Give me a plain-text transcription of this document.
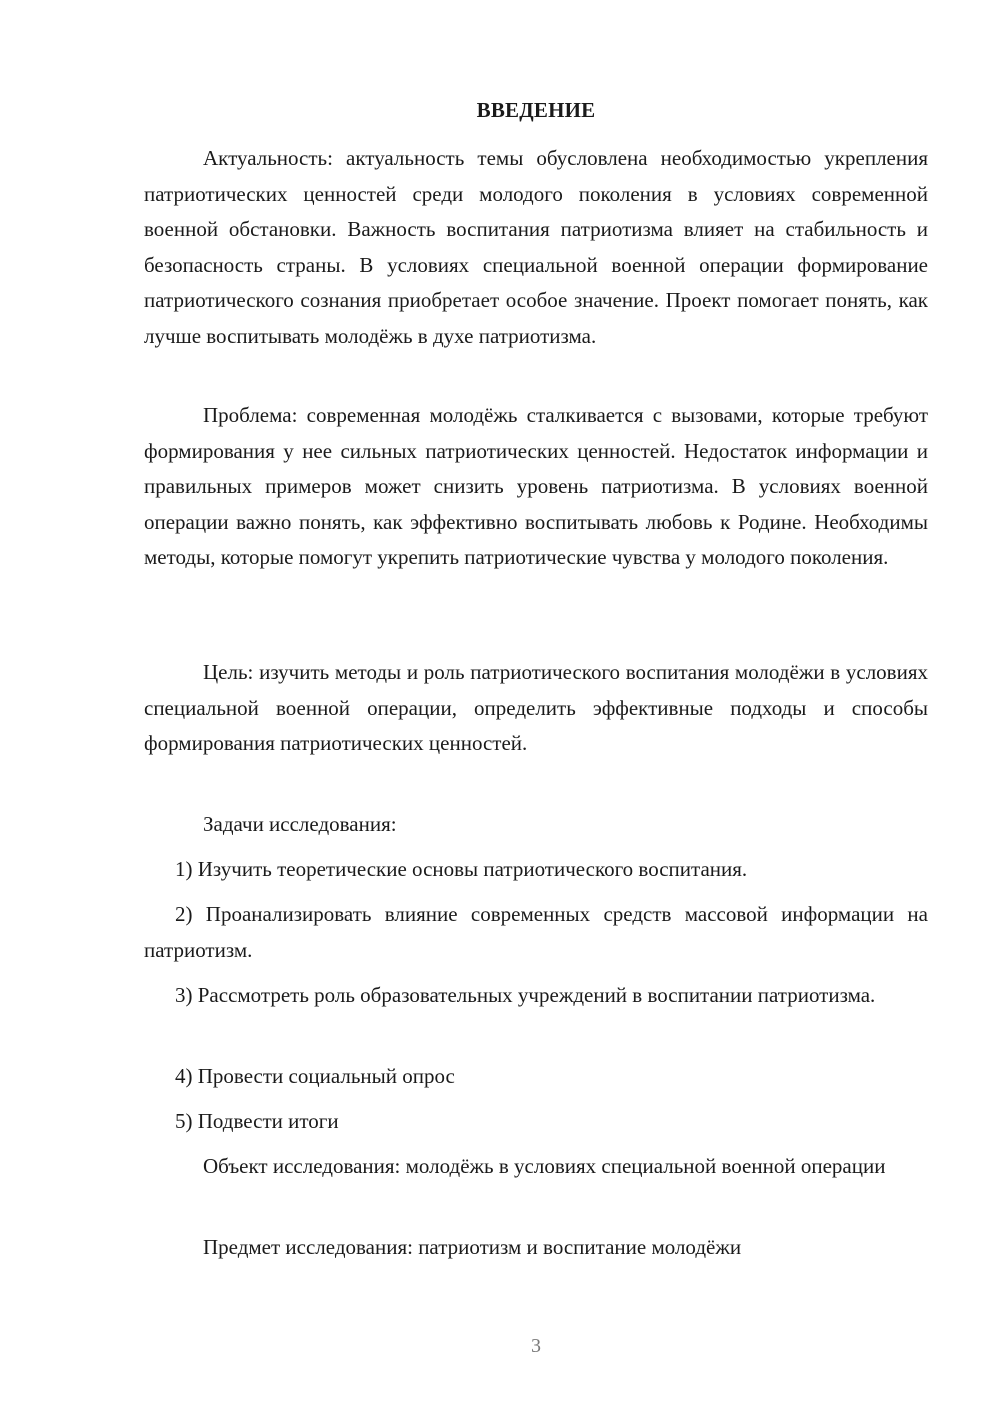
ВВЕДЕНИЕ

Актуальность: актуальность темы обусловлена необходимостью укрепления патриотических ценностей среди молодого поколения в условиях современной военной обстановки. Важность воспитания патриотизма влияет на стабильность и безопасность страны. В условиях специальной военной операции формирование патриотического сознания приобретает особое значение. Проект помогает понять, как лучше воспитывать молодёжь в духе патриотизма.

Проблема: современная молодёжь сталкивается с вызовами, которые требуют формирования у нее сильных патриотических ценностей. Недостаток информации и правильных примеров может снизить уровень патриотизма. В условиях военной операции важно понять, как эффективно воспитывать любовь к Родине. Необходимы методы, которые помогут укрепить патриотические чувства у молодого поколения.

Цель: изучить методы и роль патриотического воспитания молодёжи в условиях специальной военной операции, определить эффективные подходы и способы формирования патриотических ценностей.

Задачи исследования:

1) Изучить теоретические основы патриотического воспитания.

2) Проанализировать влияние современных средств массовой информации на патриотизм.

3) Рассмотреть роль образовательных учреждений в воспитании патриотизма.

4) Провести социальный опрос

5) Подвести итоги

Объект исследования: молодёжь в условиях специальной военной операции

Предмет исследования: патриотизм и воспитание молодёжи

3
